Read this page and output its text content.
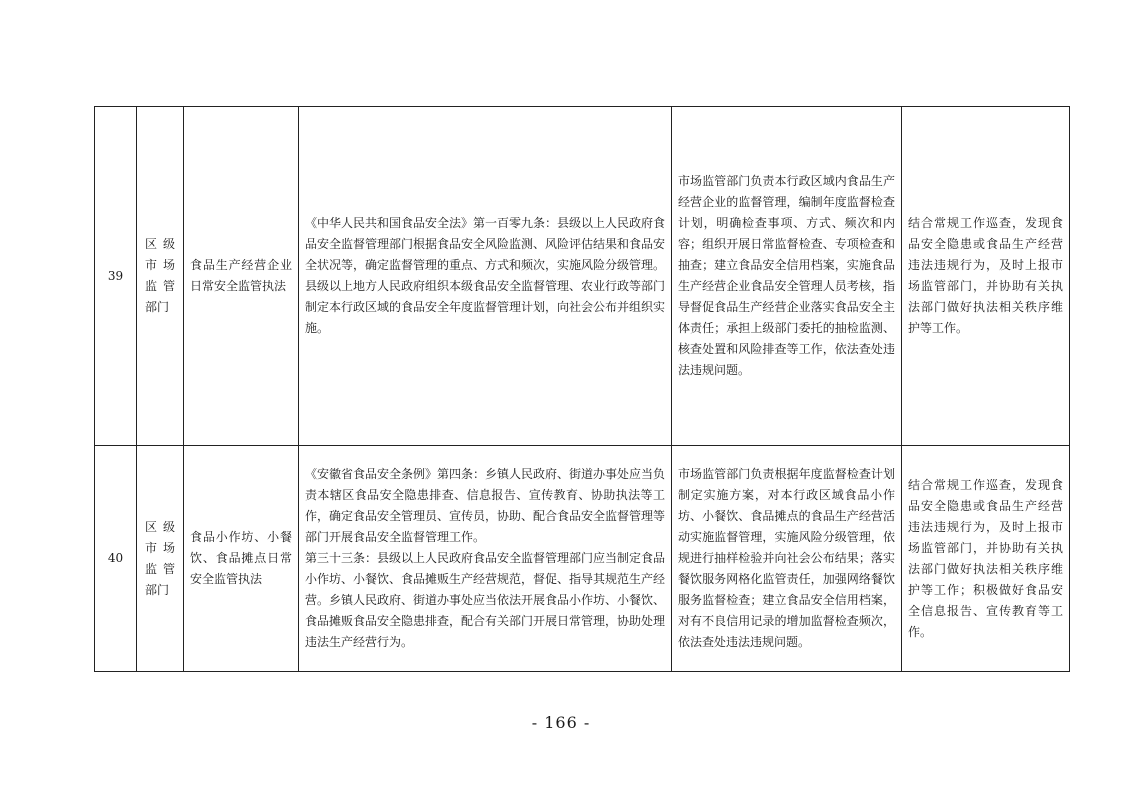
39	区级市场监管部门	食品生产经营企业日常安全监管执法	《中华人民共和国食品安全法》第一百零九条：县级以上人民政府食品安全监督管理部门根据食品安全风险监测、风险评估结果和食品安全状况等，确定监督管理的重点、方式和频次，实施风险分级管理。县级以上地方人民政府组织本级食品安全监督管理、农业行政等部门制定本行政区域的食品安全年度监督管理计划，向社会公布并组织实施。	市场监管部门负责本行政区域内食品生产经营企业的监督管理，编制年度监督检查计划，明确检查事项、方式、频次和内容；组织开展日常监督检查、专项检查和抽查；建立食品安全信用档案，实施食品生产经营企业食品安全管理人员考核，指导督促食品生产经营企业落实食品安全主体责任；承担上级部门委托的抽检监测、核查处置和风险排查等工作，依法查处违法违规问题。	结合常规工作巡查，发现食品安全隐患或食品生产经营违法违规行为，及时上报市场监管部门，并协助有关执法部门做好执法相关秩序维护等工作。
40	区级市场监管部门	食品小作坊、小餐饮、食品摊点日常安全监管执法	《安徽省食品安全条例》第四条：乡镇人民政府、街道办事处应当负责本辖区食品安全隐患排查、信息报告、宣传教育、协助执法等工作，确定食品安全管理员、宣传员，协助、配合食品安全监督管理等部门开展食品安全监督管理工作。
第三十三条：县级以上人民政府食品安全监督管理部门应当制定食品小作坊、小餐饮、食品摊贩生产经营规范，督促、指导其规范生产经营。乡镇人民政府、街道办事处应当依法开展食品小作坊、小餐饮、食品摊贩食品安全隐患排查，配合有关部门开展日常管理，协助处理违法生产经营行为。	市场监管部门负责根据年度监督检查计划制定实施方案，对本行政区域食品小作坊、小餐饮、食品摊点的食品生产经营活动实施监督管理，实施风险分级管理，依规进行抽样检验并向社会公布结果；落实餐饮服务网格化监管责任，加强网络餐饮服务监督检查；建立食品安全信用档案，对有不良信用记录的增加监督检查频次，依法查处违法违规问题。	结合常规工作巡查，发现食品安全隐患或食品生产经营违法违规行为，及时上报市场监管部门，并协助有关执法部门做好执法相关秩序维护等工作；积极做好食品安全信息报告、宣传教育等工作。
- 166 -
